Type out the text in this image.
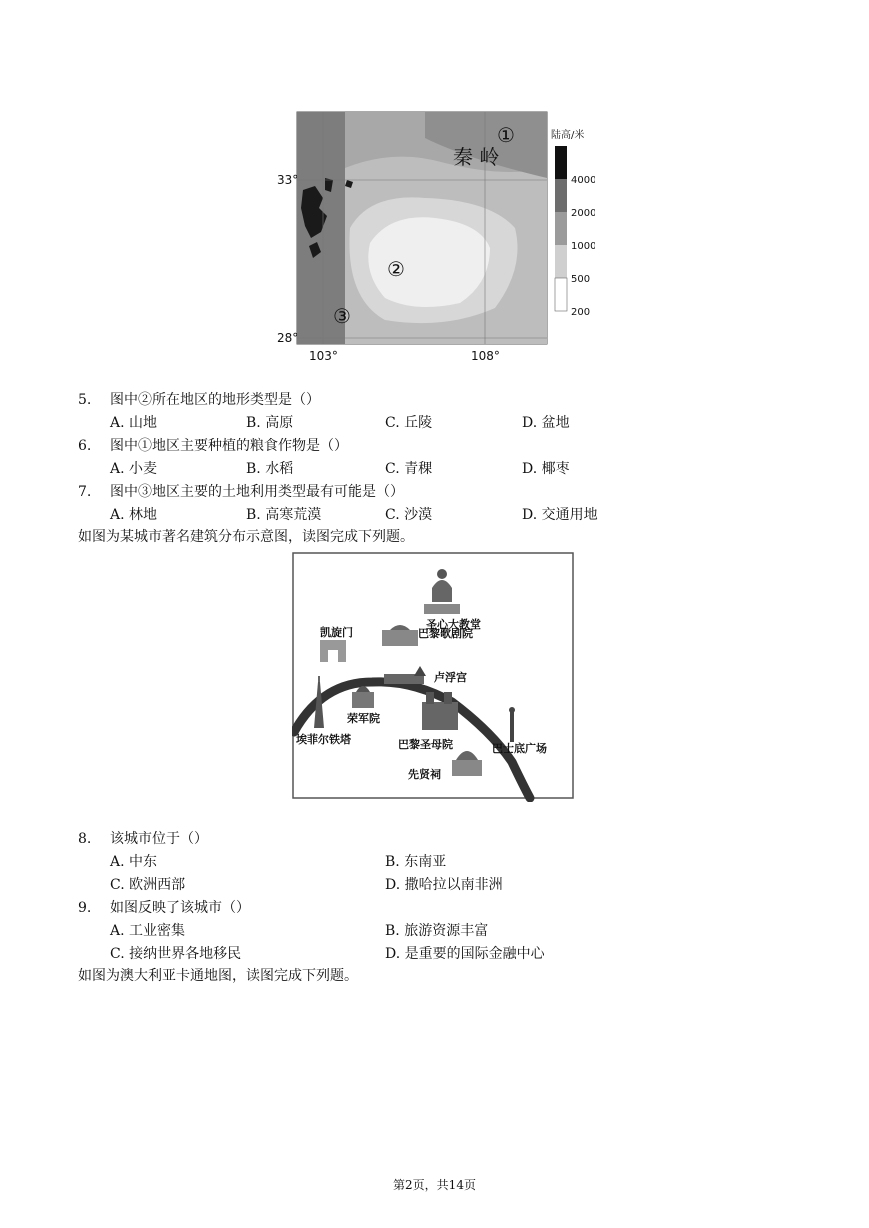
秦 岭
①
②
③
33°
28°
103°	108°
陆高/米
4000
2000
1000
500
200
5. 图中②所在地区的地形类型是（）
A. 山地	B. 高原	C. 丘陵	D. 盆地
6. 图中①地区主要种植的粮食作物是（）
A. 小麦	B. 水稻	C. 青稞	D. 椰枣
7. 图中③地区主要的土地利用类型最有可能是（）
A. 林地	B. 高寒荒漠	C. 沙漠	D. 交通用地
如图为某城市著名建筑分布示意图，读图完成下列题。
圣心大教堂
凯旋门	巴黎歌剧院
卢浮宫
荣军院
埃菲尔铁塔	巴黎圣母院	巴士底广场
先贤祠
8. 该城市位于（）
A. 中东	B. 东南亚
C. 欧洲西部	D. 撒哈拉以南非洲
9. 如图反映了该城市（）
A. 工业密集	B. 旅游资源丰富
C. 接纳世界各地移民	D. 是重要的国际金融中心
如图为澳大利亚卡通地图，读图完成下列题。
第2页，共14页
